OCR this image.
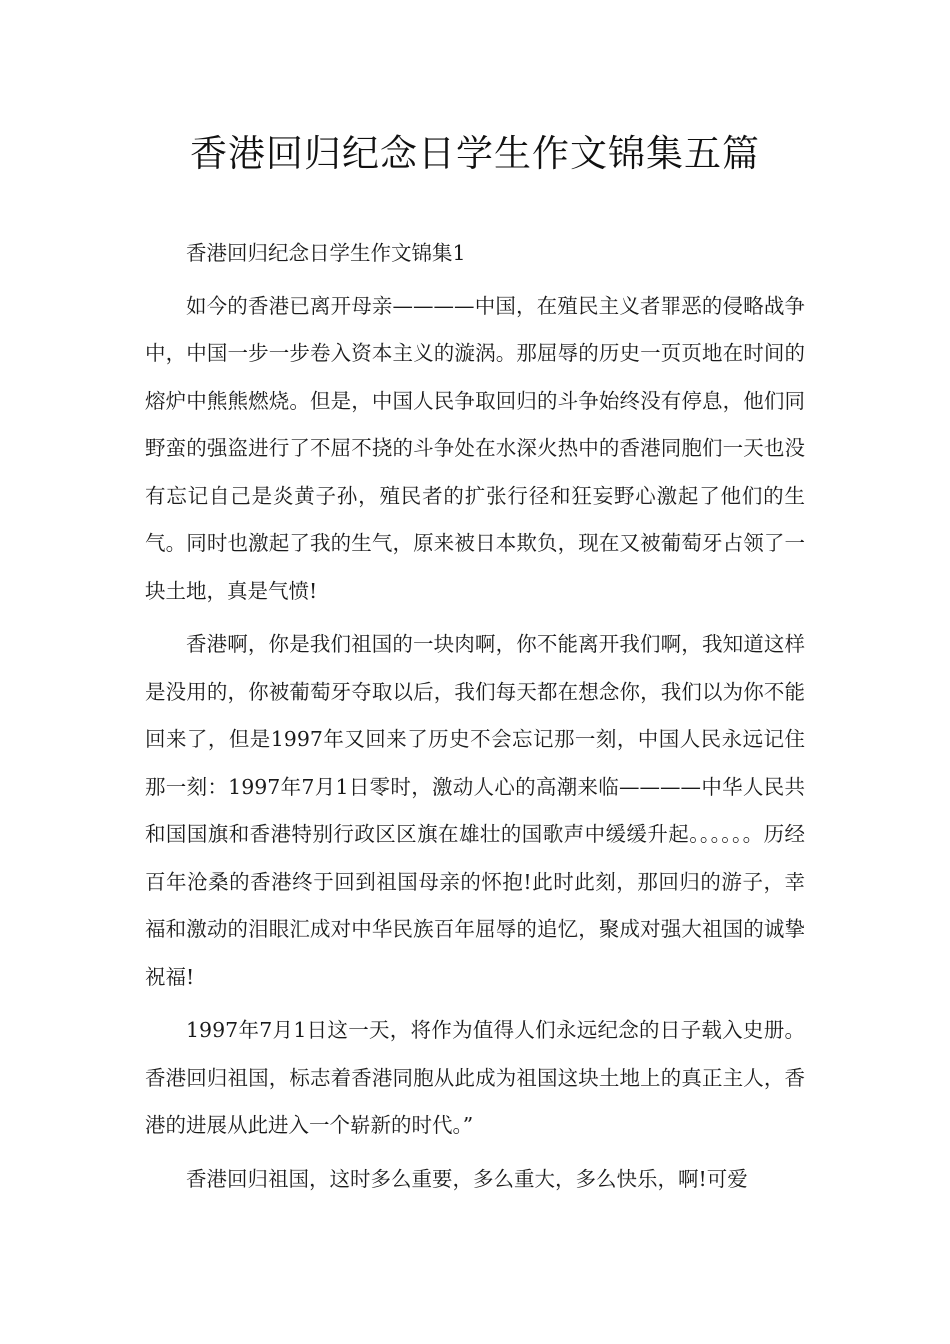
香港回归纪念日学生作文锦集五篇

香港回归纪念日学生作文锦集1

如今的香港已离开母亲————中国，在殖民主义者罪恶的侵略战争中，中国一步一步卷入资本主义的漩涡。那屈辱的历史一页页地在时间的熔炉中熊熊燃烧。但是，中国人民争取回归的斗争始终没有停息，他们同野蛮的强盗进行了不屈不挠的斗争处在水深火热中的香港同胞们一天也没有忘记自己是炎黄子孙，殖民者的扩张行径和狂妄野心激起了他们的生气。同时也激起了我的生气，原来被日本欺负，现在又被葡萄牙占领了一块土地，真是气愤!

香港啊，你是我们祖国的一块肉啊，你不能离开我们啊，我知道这样是没用的，你被葡萄牙夺取以后，我们每天都在想念你，我们以为你不能回来了，但是1997年又回来了历史不会忘记那一刻，中国人民永远记住那一刻：1997年7月1日零时，激动人心的高潮来临————中华人民共和国国旗和香港特别行政区区旗在雄壮的国歌声中缓缓升起。。。。。。历经百年沧桑的香港终于回到祖国母亲的怀抱!此时此刻，那回归的游子，幸福和激动的泪眼汇成对中华民族百年屈辱的追忆，聚成对强大祖国的诚挚祝福!

1997年7月1日这一天，将作为值得人们永远纪念的日子载入史册。香港回归祖国，标志着香港同胞从此成为祖国这块土地上的真正主人，香港的进展从此进入一个崭新的时代。”

香港回归祖国，这时多么重要，多么重大，多么快乐，啊!可爱
